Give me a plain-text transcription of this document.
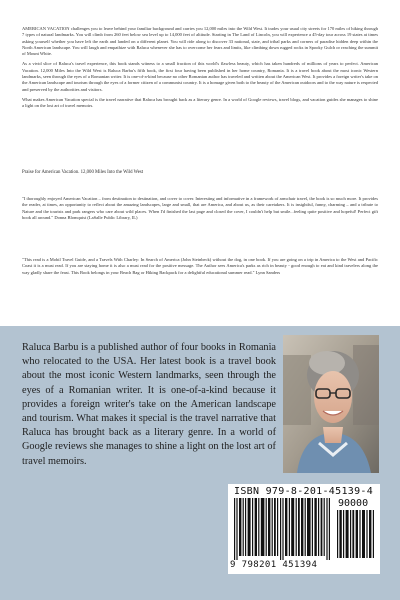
AMERICAN VACATION challenges you to leave behind your familiar background and carries you 12,000 miles into the Wild West. It trades your usual city streets for 170 miles of hiking through 7 types of natural landmarks. You will climb from 260 feet below sea level up to 14,000 feet of altitude. Starting in The Land of Lincoln, you will experience a 45-day tour across 19 states at times asking yourself whether you have left the earth and landed on a different planet. You will ride along to discover 33 national, state, and tribal parks and corners of paradise hidden deep within the North American landscape. You will laugh and empathize with Raluca whenever she has to overcome her fears and limits, like climbing down rugged rocks in Spooky Gulch or reaching the summit of Mount White.

As a vivid slice of Raluca's travel experience, this book stands witness to a small fraction of this world's flawless beauty, which has taken hundreds of millions of years to perfect. American Vacation. 12,000 Miles Into the Wild West is Raluca Barbu's fifth book, the first four having been published in her home country, Romania. It is a travel book about the most iconic Western landmarks, seen through the eyes of a Romanian writer. It is one-of-a-kind because no other Romanian author has traveled and written about the American West. It provides a foreign writer's take on the American landscape and tourism through the eyes of a former citizen of a communist country. It is a homage given both to the beauty of the American outdoors and to the way nature is respected and preserved by the authorities and visitors.

What makes American Vacation special is the travel narrative that Raluca has brought back as a literary genre. In a world of Google reviews, travel blogs, and vacation guides she manages to shine a light on the lost art of travel memoirs.

Praise for American Vacation. 12,000 Miles Into the Wild West

"I thoroughly enjoyed American Vacation – from destination to destination, and cover to cover. Interesting and informative in a framework of armchair travel, the book is so much more. It provides the reader, at times, an opportunity to reflect about the amazing landscapes, large and small, that are America, and about us, as their caretakers. It is insightful, funny, charming – and a tribute to Nature and the tourists and park rangers who care about wild places. When I'd finished the last page and closed the cover, I couldn't help but smile...feeling quite positive and hopeful! Perfect gift book all around." Donna Blomquist (LaSalle Public Library, IL)

"This read is a Mobil Travel Guide, and a Travels With Charley: In Search of America (John Steinbeck) without the dog, in one book. If you are going on a trip in America to the West and Pacific Coast it is a must read. If you are staying home it is also a must read for the positive message. The Author sees America's parks as rich in beauty - good enough to eat and kind travelers along the way gladly share the feast. This Book belongs in your Beach Bag or Hiking Backpack for a delightful educational summer read." Lynn Sanders

Raluca Barbu is a published author of four books in Romania who relocated to the USA. Her latest book is a travel book about the most iconic Western landmarks, seen through the eyes of a Romanian writer. It is one-of-a-kind because it provides a foreign writer's take on the American landscape and tourism. What makes it special is the travel narrative that Raluca has brought back as a literary genre. In a world of Google reviews she manages to shine a light on the lost art of travel memoirs.

ISBN 979-8-201-45139-4
90000
9 798201 451394
